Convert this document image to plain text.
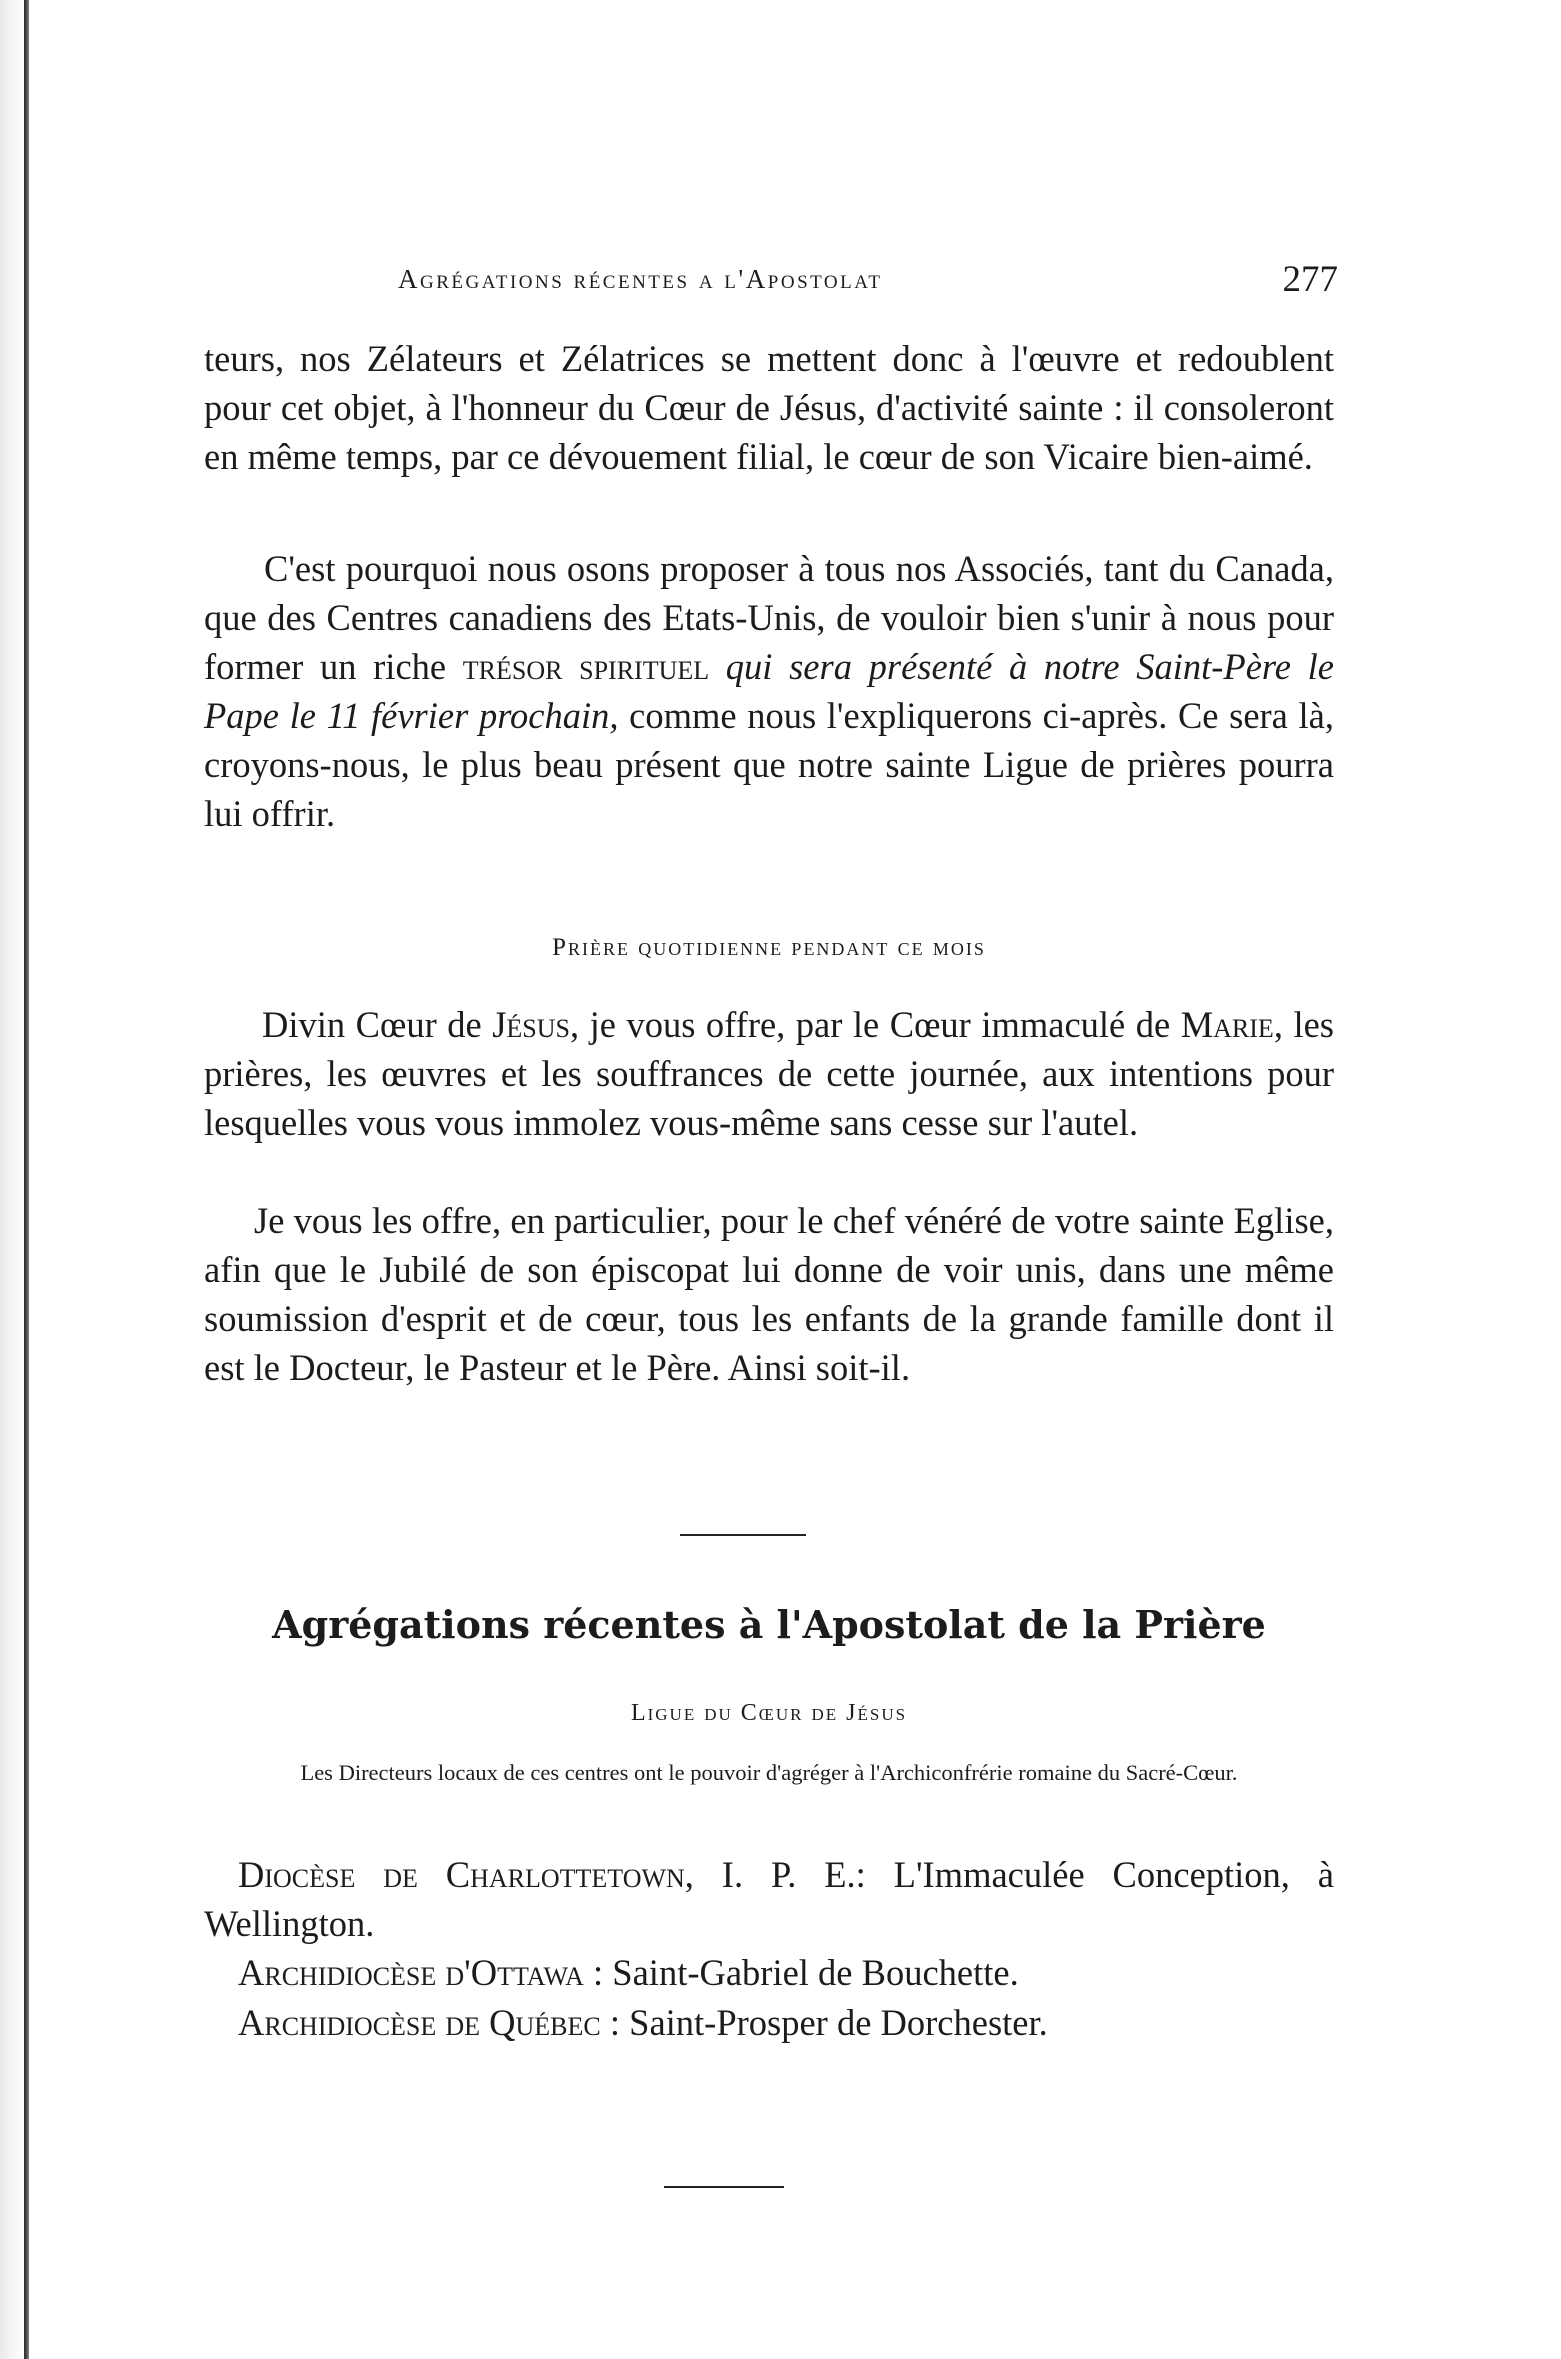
Agrégations récentes a l'Apostolat	277

teurs, nos Zélateurs et Zélatrices se mettent donc à l'œuvre et redoublent pour cet objet, à l'honneur du Cœur de Jésus, d'activité sainte : il consoleront en même temps, par ce dévouement filial, le cœur de son Vicaire bien-aimé.

C'est pourquoi nous osons proposer à tous nos Associés, tant du Canada, que des Centres canadiens des Etats-Unis, de vouloir bien s'unir à nous pour former un riche trésor spirituel qui sera présenté à notre Saint-Père le Pape le 11 février prochain, comme nous l'expliquerons ci-après. Ce sera là, croyons-nous, le plus beau présent que notre sainte Ligue de prières pourra lui offrir.

Prière quotidienne pendant ce mois

Divin Cœur de Jésus, je vous offre, par le Cœur immaculé de Marie, les prières, les œuvres et les souffrances de cette journée, aux intentions pour lesquelles vous vous immolez vous-même sans cesse sur l'autel.

Je vous les offre, en particulier, pour le chef vénéré de votre sainte Eglise, afin que le Jubilé de son épiscopat lui donne de voir unis, dans une même soumission d'esprit et de cœur, tous les enfants de la grande famille dont il est le Docteur, le Pasteur et le Père. Ainsi soit-il.

Agrégations récentes à l'Apostolat de la Prière
Ligue du Cœur de Jésus
Les Directeurs locaux de ces centres ont le pouvoir d'agréger à l'Archiconfrérie romaine du Sacré-Cœur.

Diocèse de Charlottetown, I. P. E.: L'Immaculée Conception, à Wellington.

Archidiocèse d'Ottawa : Saint-Gabriel de Bouchette.

Archidiocèse de Québec : Saint-Prosper de Dorchester.
